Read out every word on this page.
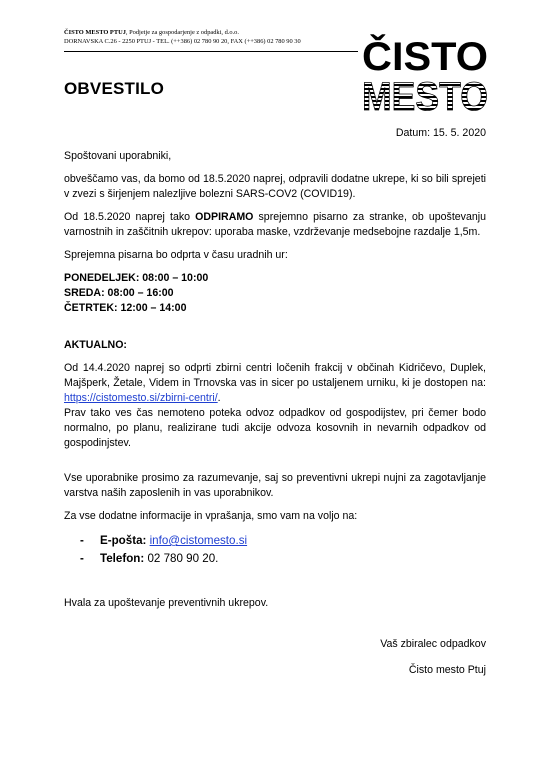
ČISTO MESTO PTUJ, Podjetje za gospodarjenje z odpadki, d.o.o.
DORNAVSKA C.26 - 2250 PTUJ - TEL. (++386) 02 780 90 20, FAX (++386) 02 780 90 30	ČISTO
MESTO
OBVESTILO

Datum: 15. 5. 2020

Spoštovani uporabniki,

obveščamo vas, da bomo od 18.5.2020 naprej, odpravili dodatne ukrepe, ki so bili sprejeti v zvezi s širjenjem nalezljive bolezni SARS-COV2 (COVID19).

Od 18.5.2020 naprej tako ODPIRAMO sprejemno pisarno za stranke, ob upoštevanju varnostnih in zaščitnih ukrepov: uporaba maske, vzdrževanje medsebojne razdalje 1,5m.

Sprejemna pisarna bo odprta v času uradnih ur:

PONEDELJEK: 08:00 – 10:00
SREDA: 08:00 – 16:00
ČETRTEK: 12:00 – 14:00

AKTUALNO:

Od 14.4.2020 naprej so odprti zbirni centri ločenih frakcij v občinah Kidričevo, Duplek, Majšperk, Žetale, Videm in Trnovska vas in sicer po ustaljenem urniku, ki je dostopen na: https://cistomesto.si/zbirni-centri/.

Prav tako ves čas nemoteno poteka odvoz odpadkov od gospodijstev, pri čemer bodo normalno, po planu, realizirane tudi akcije odvoza kosovnih in nevarnih odpadkov od gospodinjstev.

Vse uporabnike prosimo za razumevanje, saj so preventivni ukrepi nujni za zagotavljanje varstva naših zaposlenih in vas uporabnikov.

Za vse dodatne informacije in vprašanja, smo vam na voljo na:

- E-pošta: info@cistomesto.si
- Telefon: 02 780 90 20.

Hvala za upoštevanje preventivnih ukrepov.

Vaš zbiralec odpadkov

Čisto mesto Ptuj
